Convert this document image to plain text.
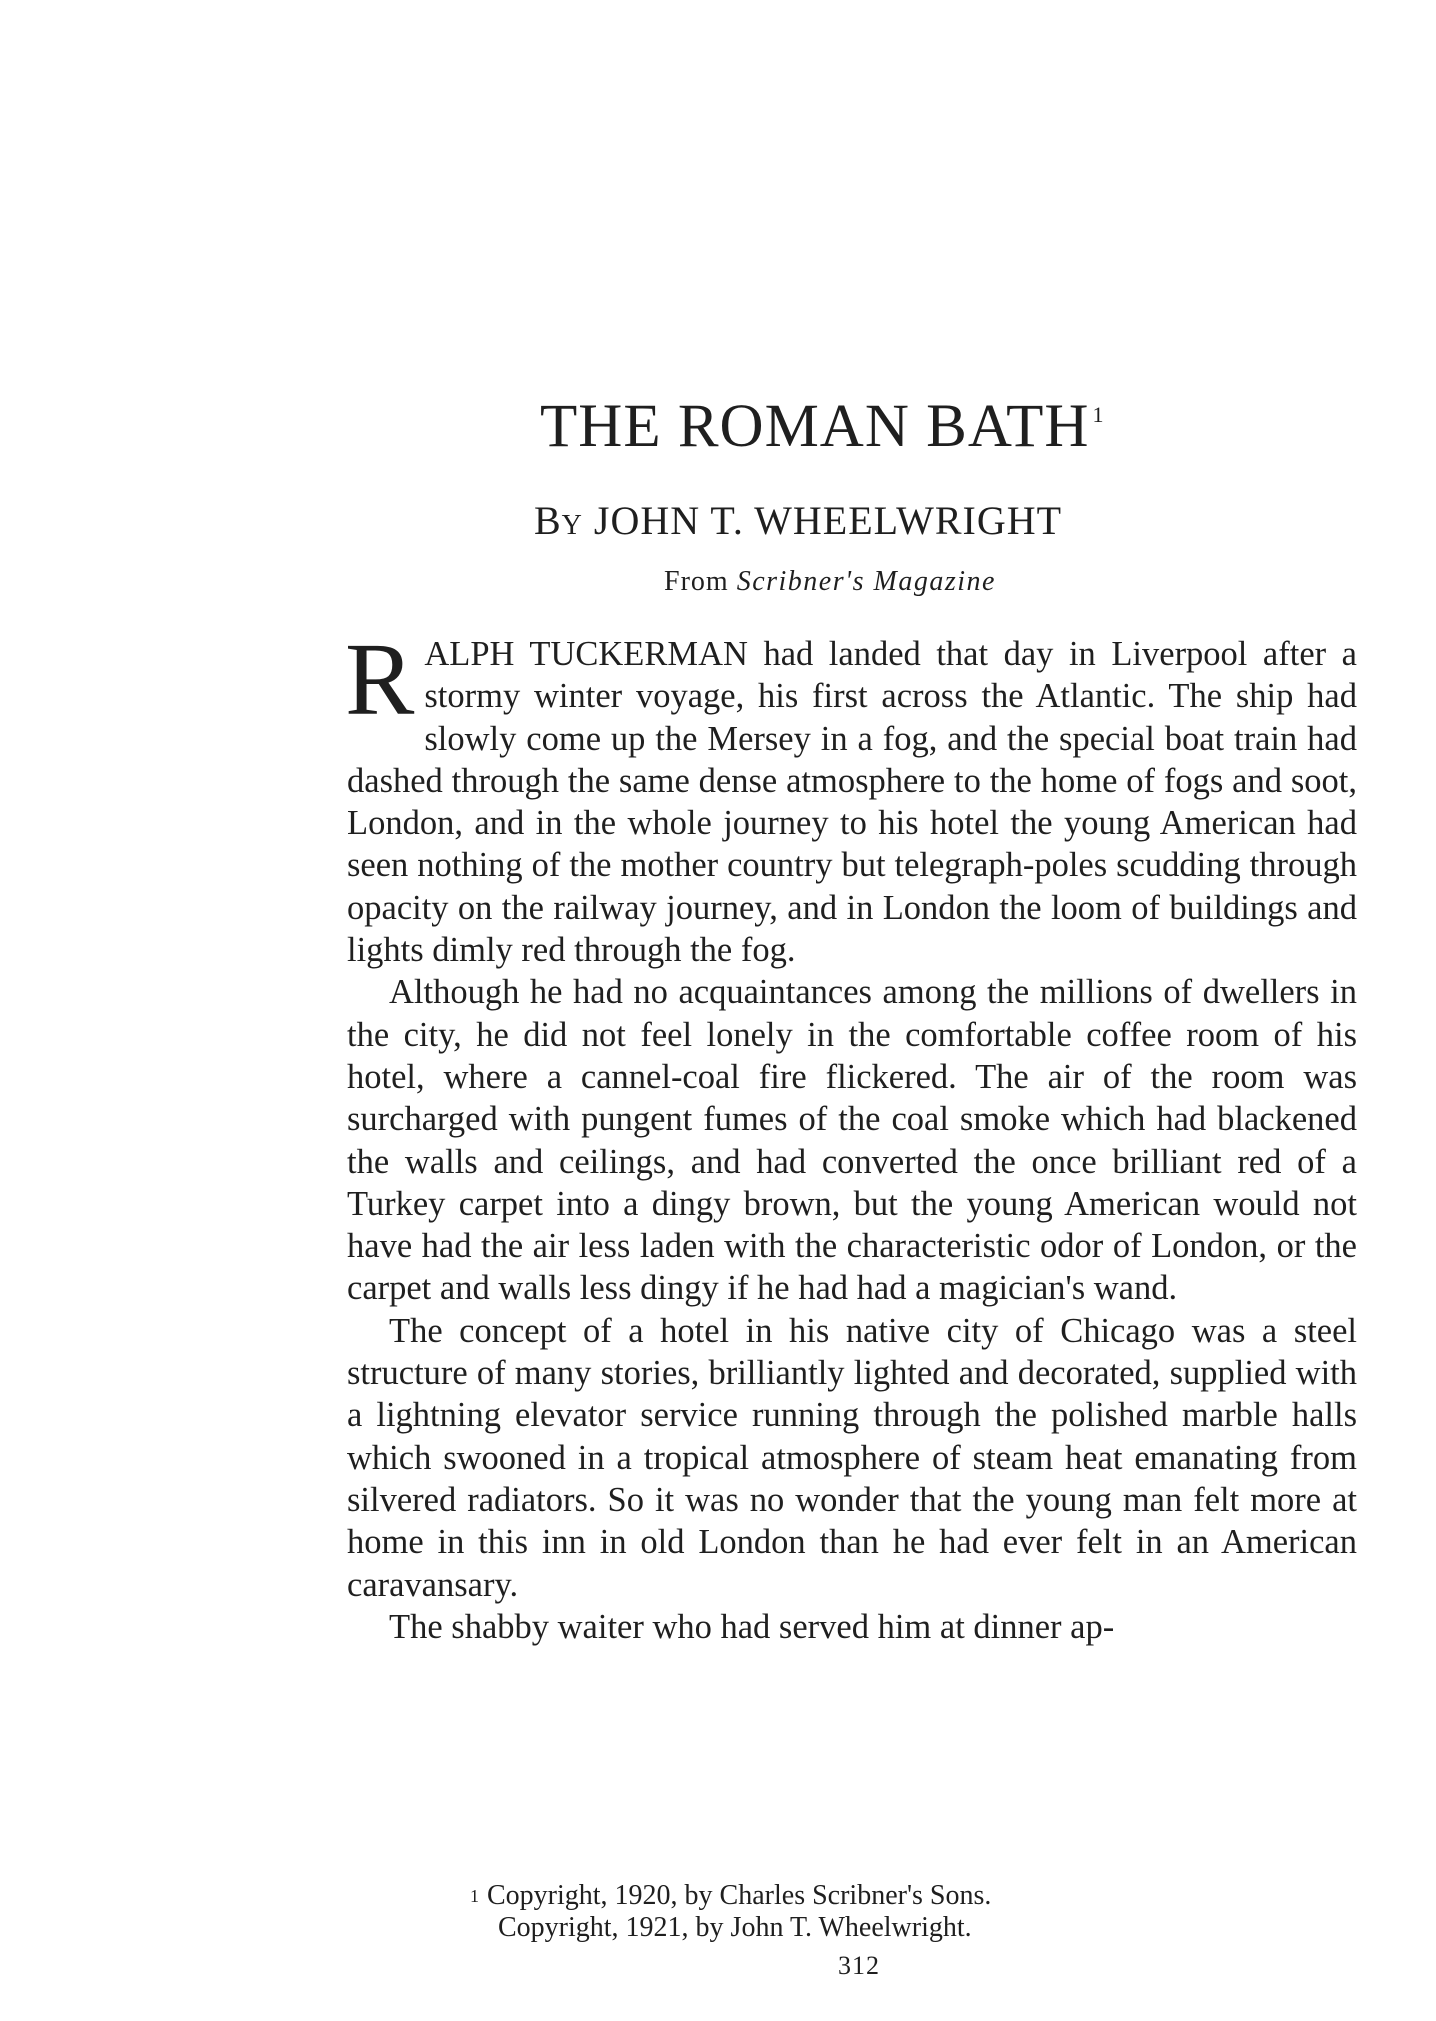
THE ROMAN BATH $^1$
By JOHN T. WHEELWRIGHT
From Scribner's Magazine

RALPH TUCKERMAN had landed that day in Liverpool after a stormy winter voyage, his first across the Atlantic. The ship had slowly come up the Mersey in a fog, and the special boat train had dashed through the same dense atmosphere to the home of fogs and soot, London, and in the whole journey to his hotel the young American had seen nothing of the mother country but telegraph-poles scudding through opacity on the railway journey, and in London the loom of buildings and lights dimly red through the fog.

Although he had no acquaintances among the millions of dwellers in the city, he did not feel lonely in the comfortable coffee room of his hotel, where a cannel-coal fire flickered. The air of the room was surcharged with pungent fumes of the coal smoke which had blackened the walls and ceilings, and had converted the once brilliant red of a Turkey carpet into a dingy brown, but the young American would not have had the air less laden with the characteristic odor of London, or the carpet and walls less dingy if he had had a magician's wand.

The concept of a hotel in his native city of Chicago was a steel structure of many stories, brilliantly lighted and decorated, supplied with a lightning elevator service running through the polished marble halls which swooned in a tropical atmosphere of steam heat emanating from silvered radiators. So it was no wonder that the young man felt more at home in this inn in old London than he had ever felt in an American caravansary.

The shabby waiter who had served him at dinner ap-

$^1$ Copyright, 1920, by Charles Scribner's Sons.
Copyright, 1921, by John T. Wheelwright.
312
